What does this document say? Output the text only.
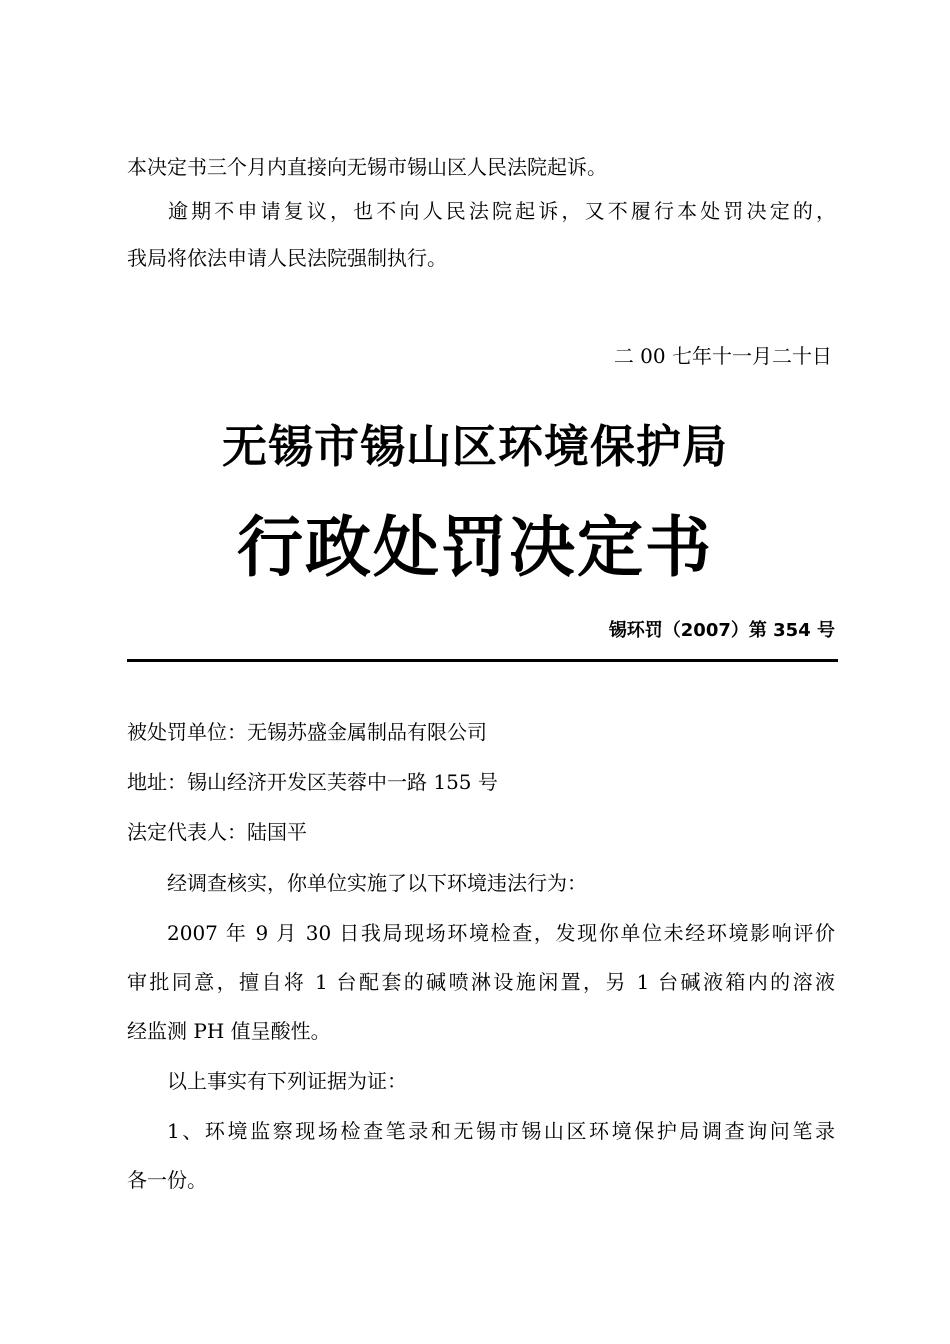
本决定书三个月内直接向无锡市锡山区人民法院起诉。
逾期不申请复议，也不向人民法院起诉，又不履行本处罚决定的，
我局将依法申请人民法院强制执行。
二 00 七年十一月二十日
无锡市锡山区环境保护局
行政处罚决定书
锡环罚（2007）第 354 号
被处罚单位：无锡苏盛金属制品有限公司
地址：锡山经济开发区芙蓉中一路 155 号
法定代表人：陆国平
经调查核实，你单位实施了以下环境违法行为：
2007 年 9 月 30 日我局现场环境检查，发现你单位未经环境影响评价
审批同意，擅自将 1 台配套的碱喷淋设施闲置，另 1 台碱液箱内的溶液
经监测 PH 值呈酸性。
以上事实有下列证据为证：
1、环境监察现场检查笔录和无锡市锡山区环境保护局调查询问笔录
各一份。
